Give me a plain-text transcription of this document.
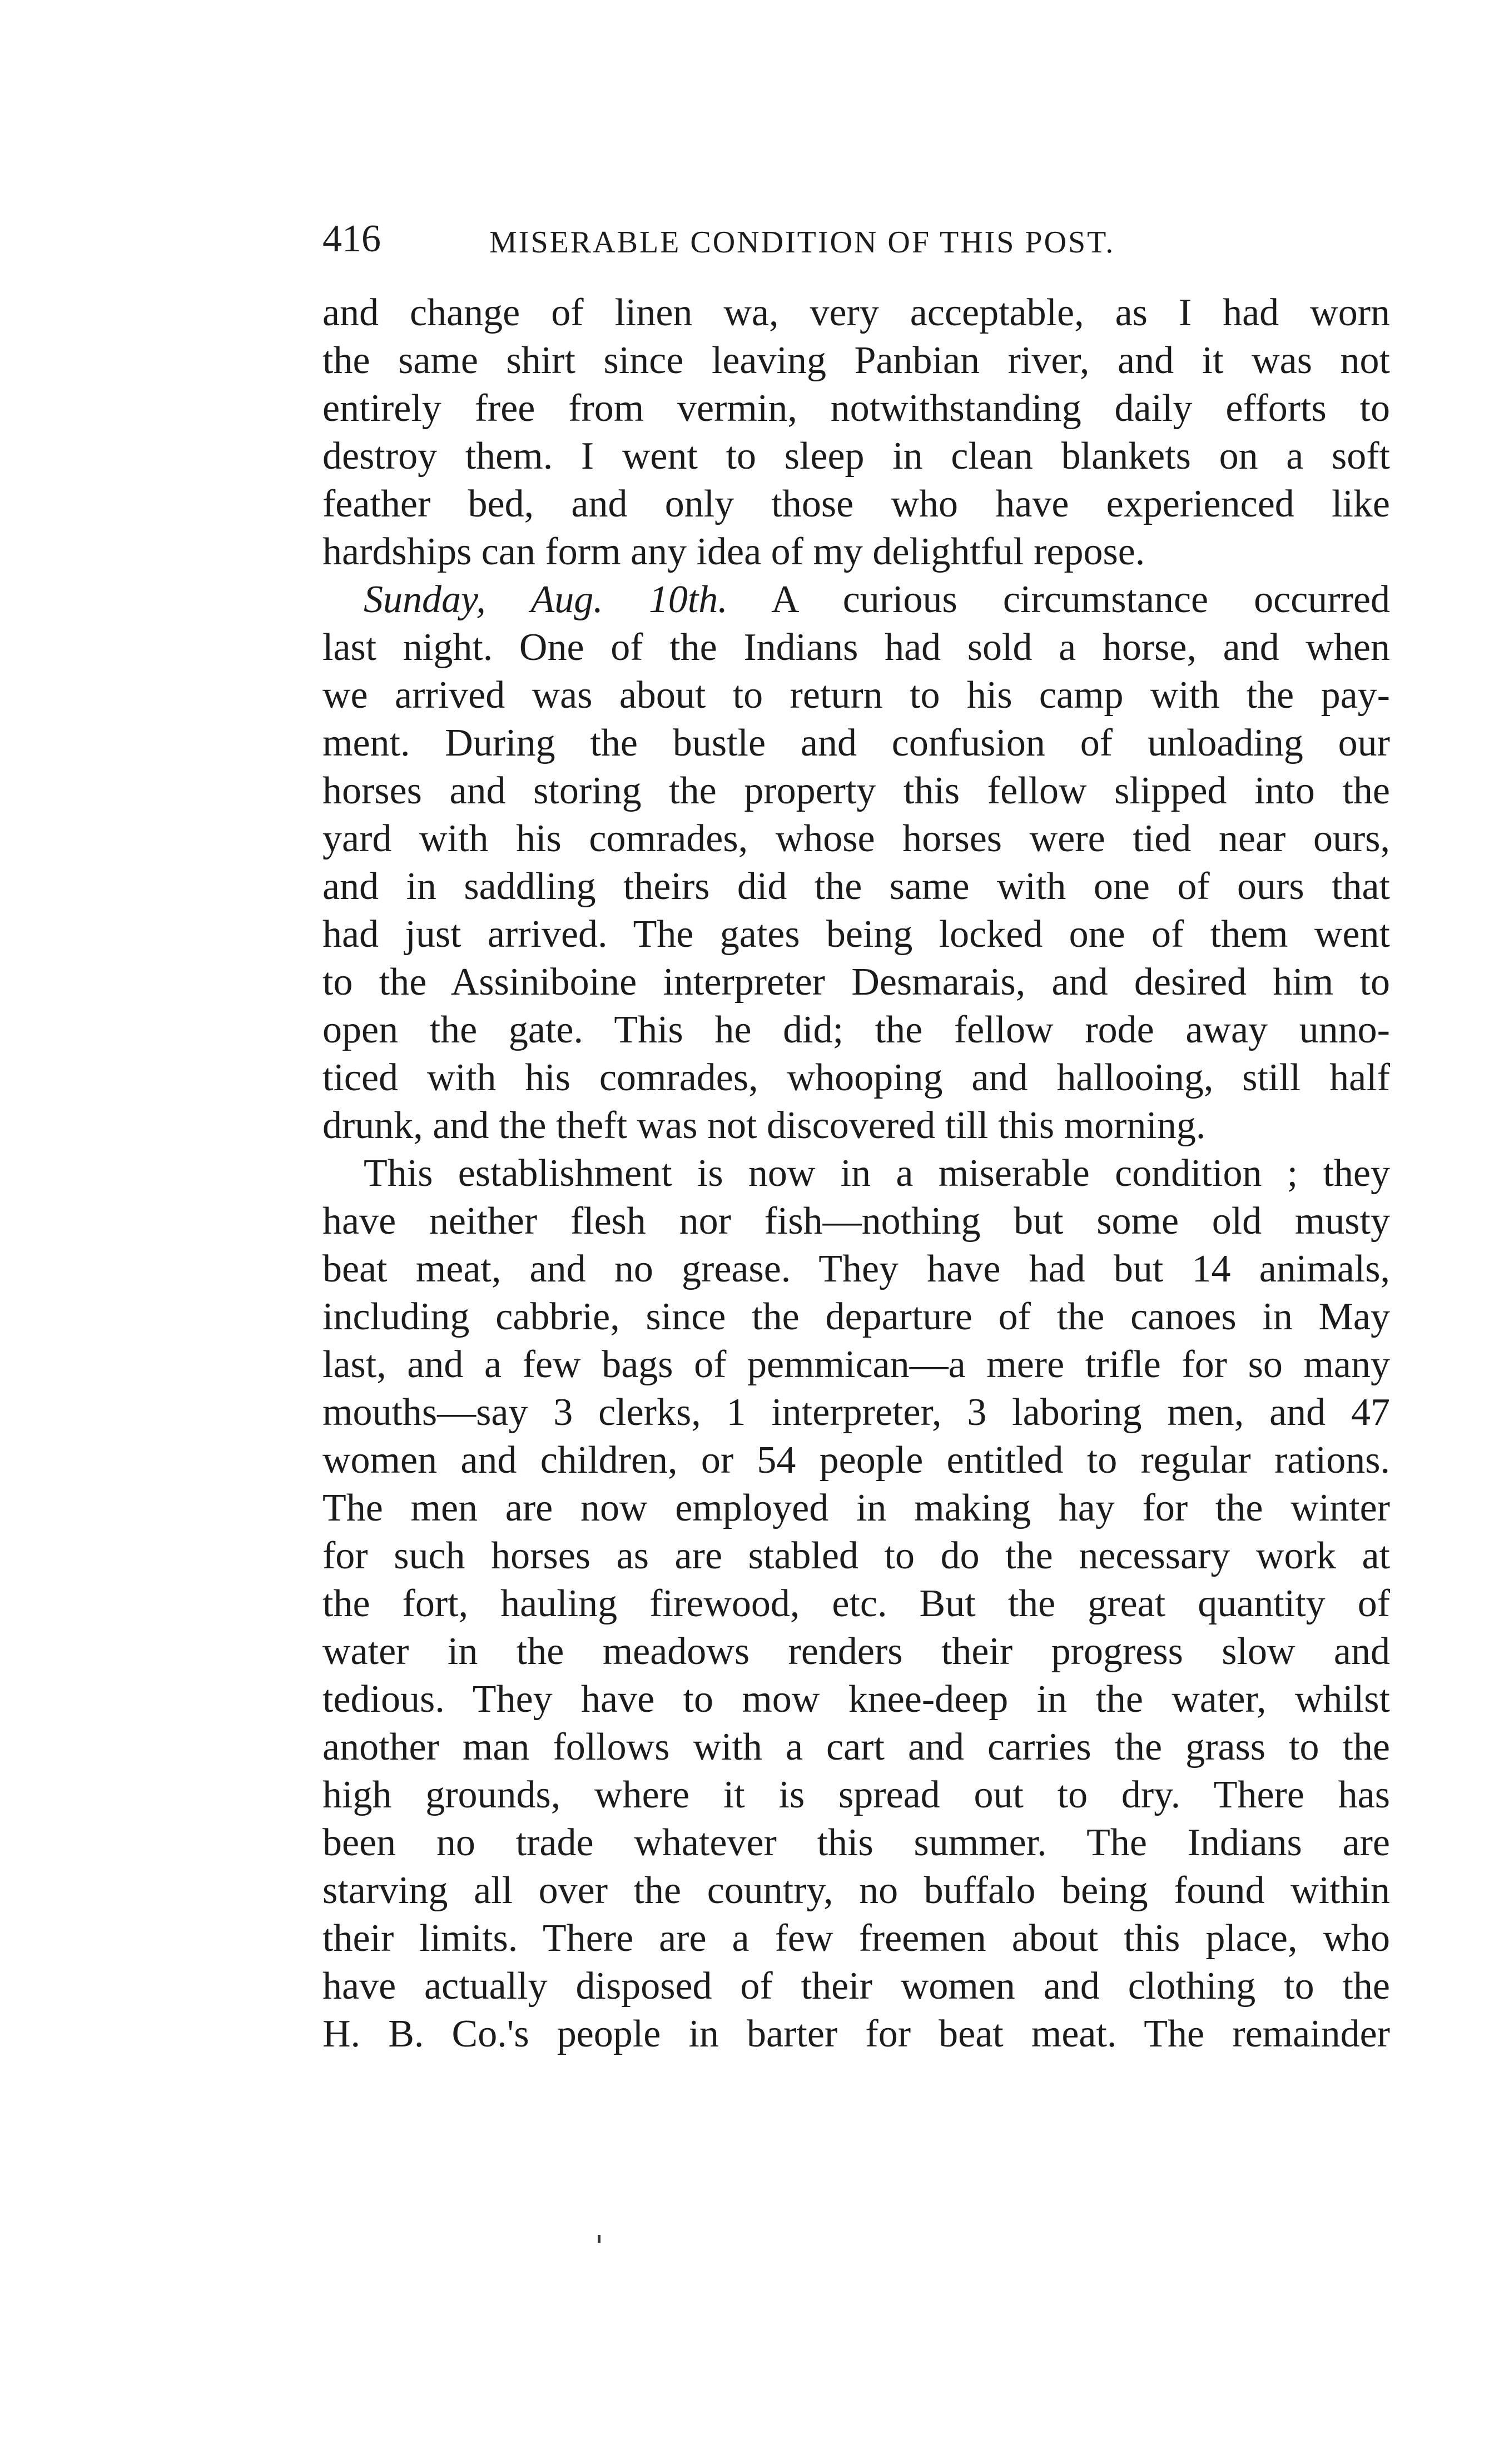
416	MISERABLE CONDITION OF THIS POST.
and change of linen wa, very acceptable, as I had worn
the same shirt since leaving Panbian river, and it was not
entirely free from vermin, notwithstanding daily efforts to
destroy them. I went to sleep in clean blankets on a soft
feather bed, and only those who have experienced like
hardships can form any idea of my delightful repose.
Sunday, Aug. 10th. A curious circumstance occurred
last night. One of the Indians had sold a horse, and when
we arrived was about to return to his camp with the pay-
ment. During the bustle and confusion of unloading our
horses and storing the property this fellow slipped into the
yard with his comrades, whose horses were tied near ours,
and in saddling theirs did the same with one of ours that
had just arrived. The gates being locked one of them went
to the Assiniboine interpreter Desmarais, and desired him to
open the gate. This he did; the fellow rode away unno-
ticed with his comrades, whooping and hallooing, still half
drunk, and the theft was not discovered till this morning.
This establishment is now in a miserable condition ; they
have neither flesh nor fish—nothing but some old musty
beat meat, and no grease. They have had but 14 animals,
including cabbrie, since the departure of the canoes in May
last, and a few bags of pemmican—a mere trifle for so many
mouths—say 3 clerks, 1 interpreter, 3 laboring men, and 47
women and children, or 54 people entitled to regular rations.
The men are now employed in making hay for the winter
for such horses as are stabled to do the necessary work at
the fort, hauling firewood, etc. But the great quantity of
water in the meadows renders their progress slow and
tedious. They have to mow knee-deep in the water, whilst
another man follows with a cart and carries the grass to the
high grounds, where it is spread out to dry. There has
been no trade whatever this summer. The Indians are
starving all over the country, no buffalo being found within
their limits. There are a few freemen about this place, who
have actually disposed of their women and clothing to the
H. B. Co.'s people in barter for beat meat. The remainder
